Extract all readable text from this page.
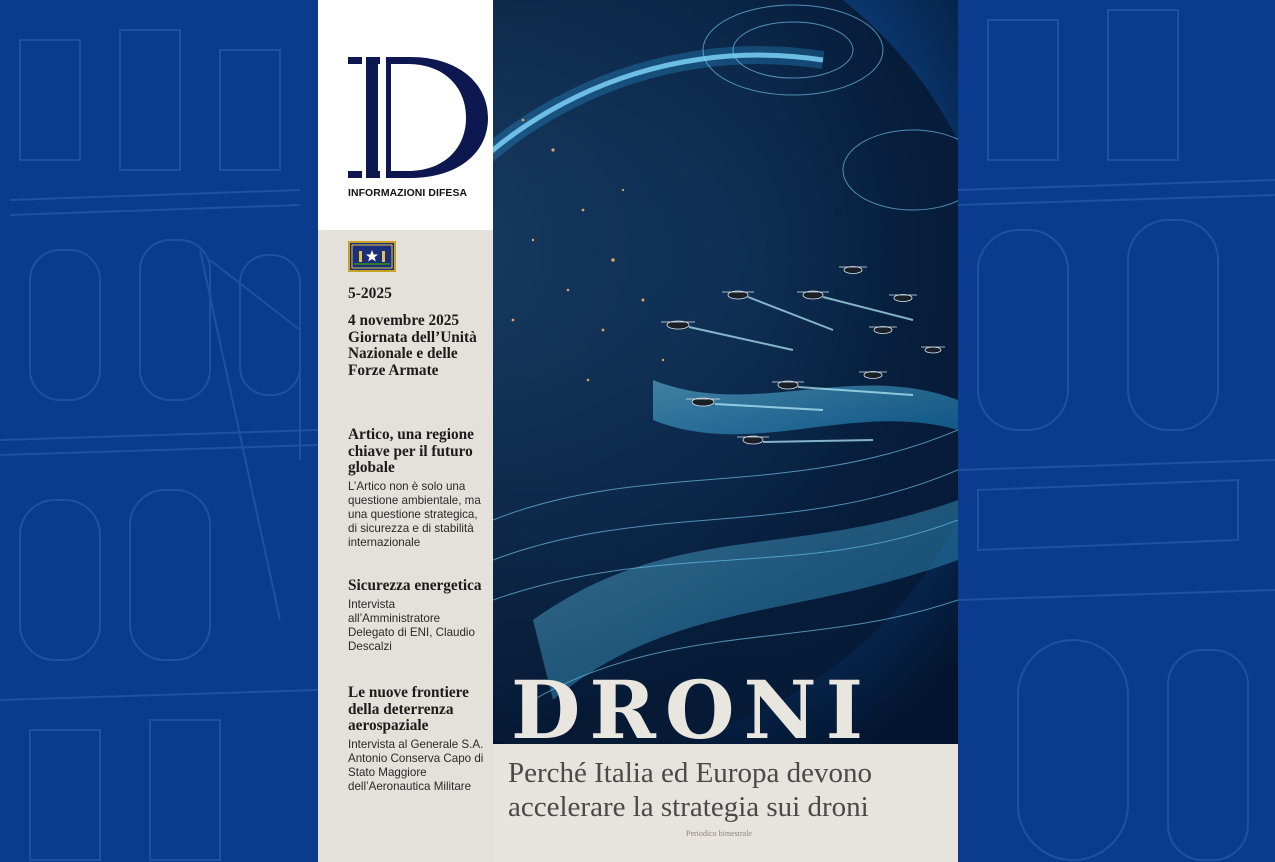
INFORMAZIONI DIFESA
5-2025

4 novembre 2025 Giornata dell’Unità Nazionale e delle Forze Armate

Artico, una regione chiave per il futuro globale

L’Artico non è solo una questione ambientale, ma una questione strategica, di sicurezza e di stabilità internazionale

Sicurezza energetica

Intervista all’Amministratore Delegato di ENI, Claudio Descalzi

Le nuove frontiere della deterrenza aerospaziale

Intervista al Generale S.A. Antonio Conserva Capo di Stato Maggiore dell’Aeronautica Militare

DRONI
Perché Italia ed Europa devono accelerare la strategia sui droni
Periodico bimestrale
